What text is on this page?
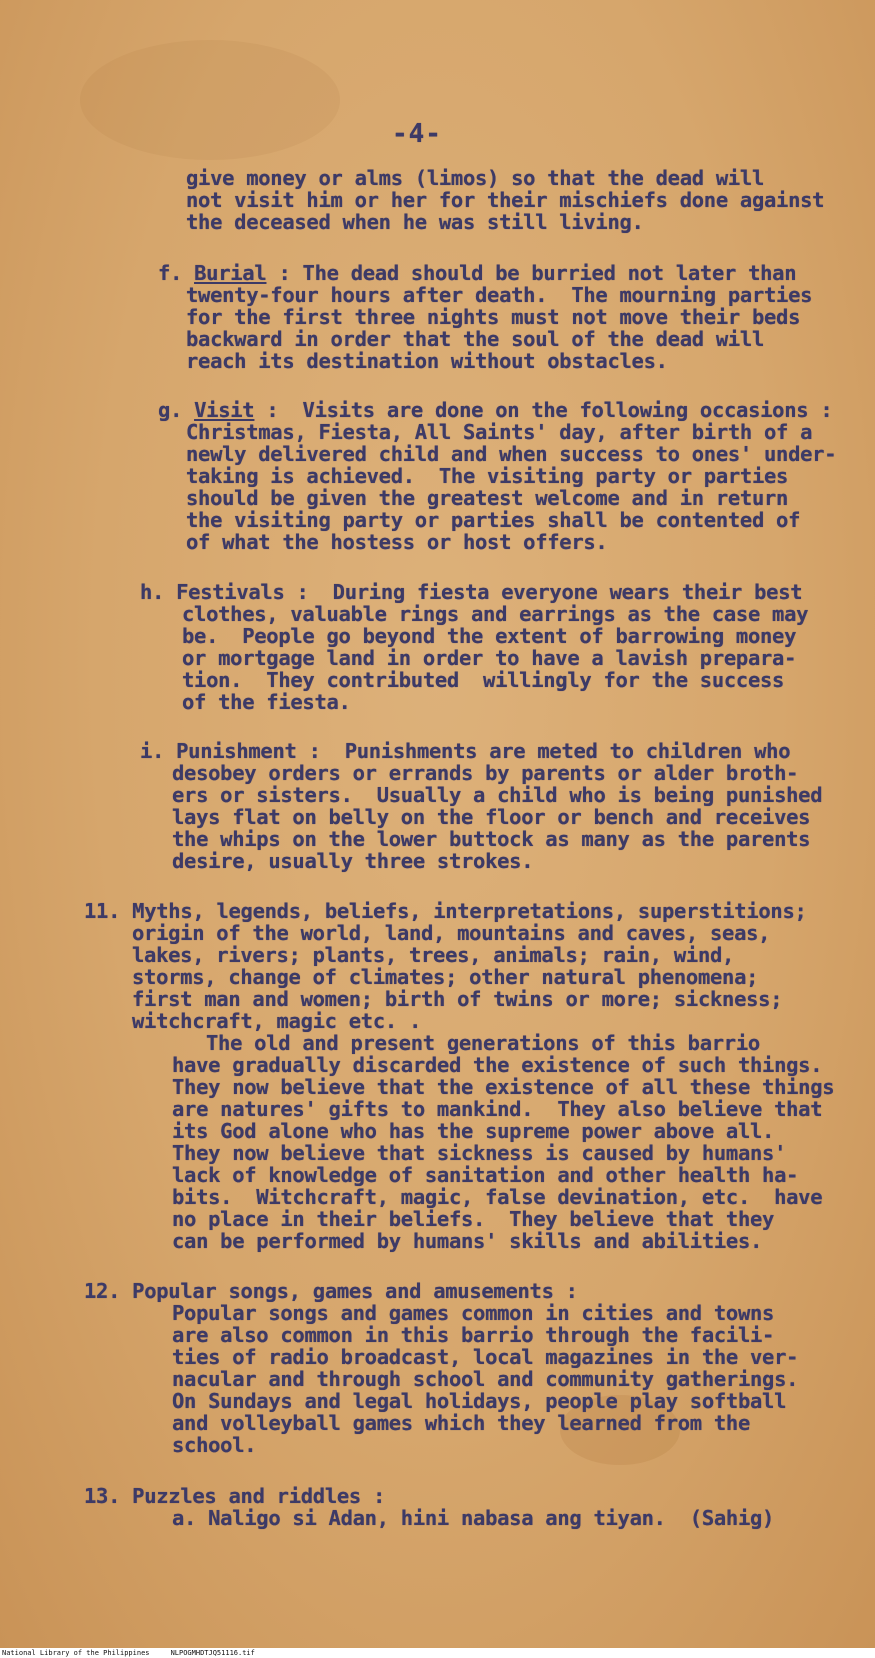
-4-
give money or alms (limos) so that the dead will
not visit him or her for their mischiefs done against
the deceased when he was still living.
f. Burial : The dead should be burried not later than
twenty-four hours after death.  The mourning parties
for the first three nights must not move their beds
backward in order that the soul of the dead will
reach its destination without obstacles.
g. Visit :  Visits are done on the following occasions :
Christmas, Fiesta, All Saints' day, after birth of a
newly delivered child and when success to ones' under-
taking is achieved.  The visiting party or parties
should be given the greatest welcome and in return
the visiting party or parties shall be contented of
of what the hostess or host offers.
h. Festivals :  During fiesta everyone wears their best
clothes, valuable rings and earrings as the case may
be.  People go beyond the extent of barrowing money
or mortgage land in order to have a lavish prepara-
tion.  They contributed  willingly for the success
of the fiesta.
i. Punishment :  Punishments are meted to children who
desobey orders or errands by parents or alder broth-
ers or sisters.  Usually a child who is being punished
lays flat on belly on the floor or bench and receives
the whips on the lower buttock as many as the parents
desire, usually three strokes.
11. Myths, legends, beliefs, interpretations, superstitions;
origin of the world, land, mountains and caves, seas,
lakes, rivers; plants, trees, animals; rain, wind,
storms, change of climates; other natural phenomena;
first man and women; birth of twins or more; sickness;
witchcraft, magic etc. .
The old and present generations of this barrio
have gradually discarded the existence of such things.
They now believe that the existence of all these things
are natures' gifts to mankind.  They also believe that
its God alone who has the supreme power above all.
They now believe that sickness is caused by humans'
lack of knowledge of sanitation and other health ha-
bits.  Witchcraft, magic, false devination, etc.  have
no place in their beliefs.  They believe that they
can be performed by humans' skills and abilities.
12. Popular songs, games and amusements :
Popular songs and games common in cities and towns
are also common in this barrio through the facili-
ties of radio broadcast, local magazines in the ver-
nacular and through school and community gatherings.
On Sundays and legal holidays, people play softball
and volleyball games which they learned from the
school.
13. Puzzles and riddles :
a. Naligo si Adan, hini nabasa ang tiyan.  (Sahig)
National Library of the Philippines     NLPOGMHDTJQ51116.tif
